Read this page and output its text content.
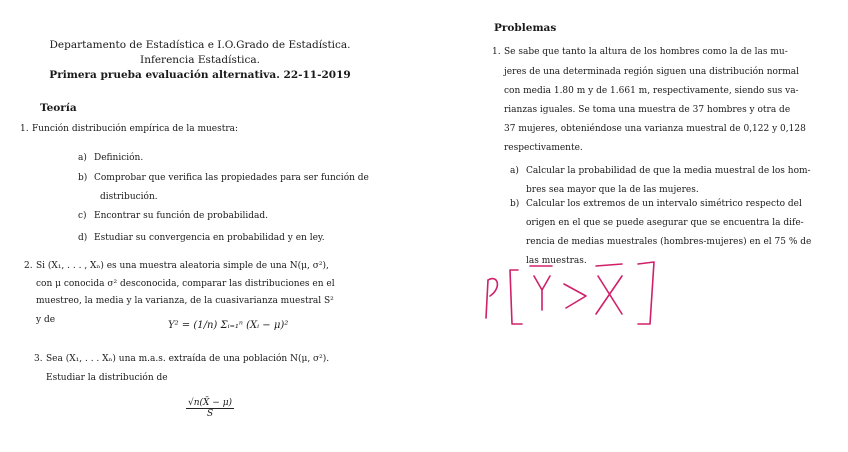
Departamento de Estadística e I.O.Grado de Estadística.
Inferencia Estadística.
Primera prueba evaluación alternativa. 22-11-2019
Teoría
1. Función distribución empírica de la muestra:
a) Definición.
b) Comprobar que verifica las propiedades para ser función de
distribución.
c) Encontrar su función de probabilidad.
d) Estudiar su convergencia en probabilidad y en ley.
2. Si (X₁, . . . , Xₙ) es una muestra aleatoria simple de una N(μ, σ²),
con μ conocida σ² desconocida, comparar las distribuciones en el
muestreo, la media y la varianza, de la cuasivarianza muestral S²
y de	Y² = (1/n) Σᵢ₌₁ⁿ (Xᵢ − μ)²
3. Sea (X₁, . . . Xₙ) una m.a.s. extraída de una población N(μ, σ²).
Estudiar la distribución de
$\frac{√n(X̄ - \mu)}{S}$
Problemas
1. Se sabe que tanto la altura de los hombres como la de las mu-
jeres de una determinada región siguen una distribución normal
con media 1.80 m y de 1.661 m, respectivamente, siendo sus va-
rianzas iguales. Se toma una muestra de 37 hombres y otra de
37 mujeres, obteniéndose una varianza muestral de 0,122 y 0,128
respectivamente.
a) Calcular la probabilidad de que la media muestral de los hom-
bres sea mayor que la de las mujeres.
b) Calcular los extremos de un intervalo simétrico respecto del
origen en el que se puede asegurar que se encuentra la dife-
rencia de medias muestrales (hombres-mujeres) en el 75 % de
las muestras.
